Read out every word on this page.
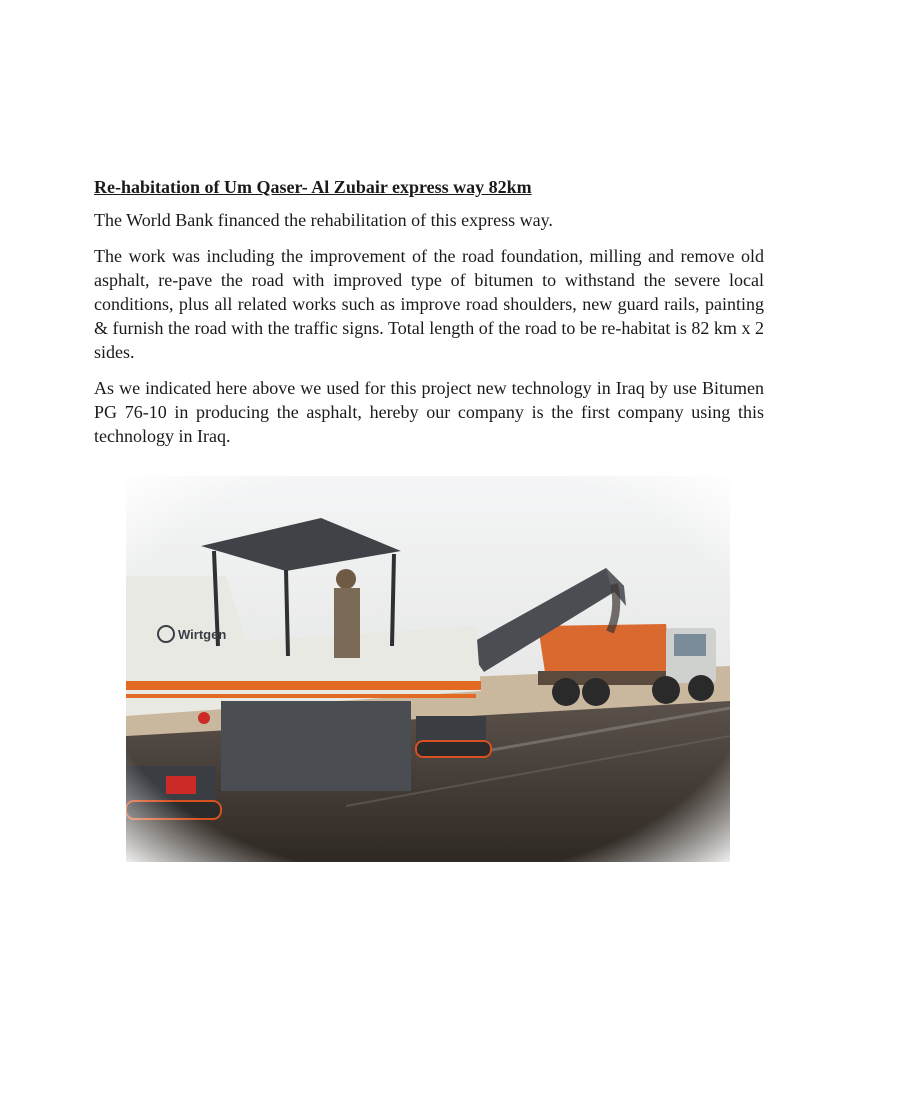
Re-habitation of Um Qaser- Al Zubair express way 82km

The World Bank financed the rehabilitation of this express way.

The work was including the improvement of the road foundation, milling and remove old asphalt, re-pave the road with improved type of bitumen to withstand the severe local conditions, plus all related works such as improve road shoulders, new guard rails, painting & furnish the road with the traffic signs. Total length of the road to be re-habitat is 82 km x 2 sides.

As we indicated here above we used for this project new technology in Iraq by use Bitumen PG 76-10 in producing the asphalt, hereby our company is the first company using this technology in Iraq.
